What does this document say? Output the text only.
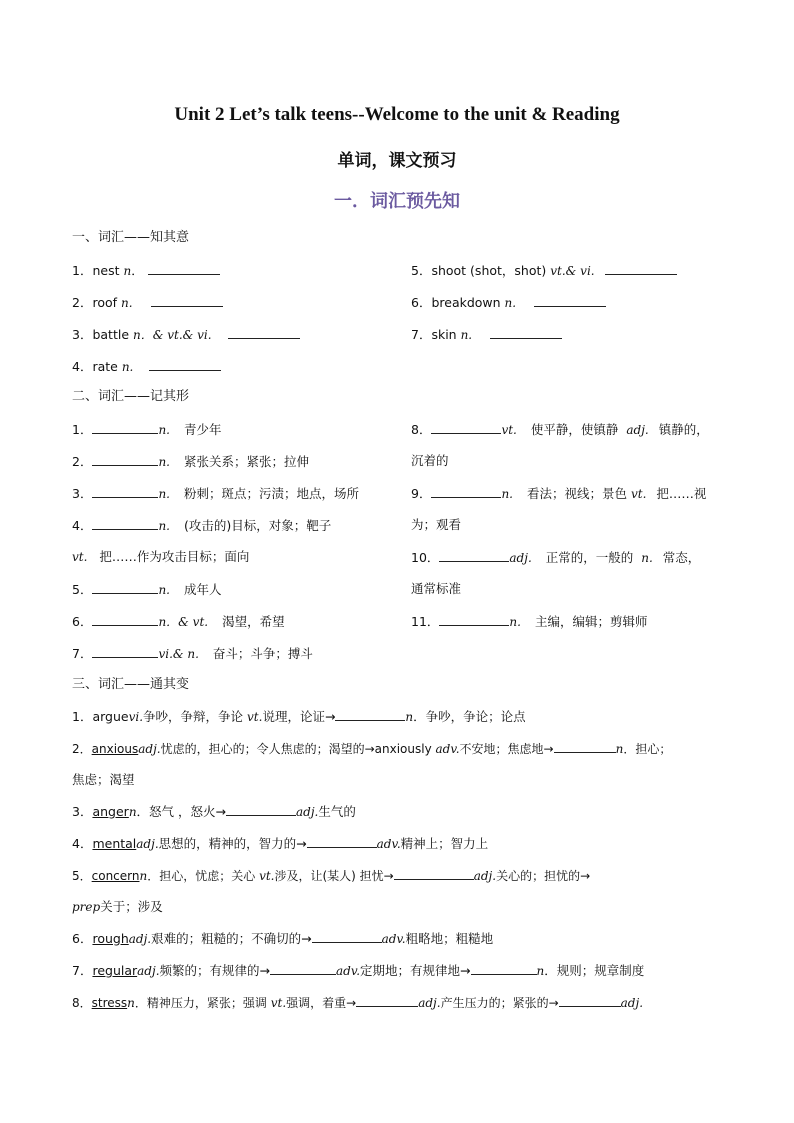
Unit 2 Let’s talk teens--Welcome to the unit & Reading
单词，课文预习
一．词汇预先知
一、词汇——知其意
1．nest n．
2．roof n.
3．battle n．& vt.& vi.
4．rate n.
5．shoot (shot，shot) vt.& vi.
6．breakdown n.
7．skin n.
二、词汇——记其形
1．	n. 青少年
2．	n. 紧张关系；紧张；拉伸
3．	n. 粉刺；斑点；污渍；地点，场所
4．	n. (攻击的)目标，对象；靶子
vt. 把……作为攻击目标；面向
5．	n. 成年人
6．	n．& vt. 渴望，希望
7．	vi.& n. 奋斗；斗争；搏斗
8．	vt. 使平静，使镇静 adj. 镇静的，
沉着的
9．	n. 看法；视线；景色 vt. 把……视
为；观看
10．	adj. 正常的，一般的 n. 常态，
通常标准
11．	n. 主编，编辑；剪辑师
三、词汇——通其变
1．arguevi.争吵，争辩，争论 vt.说理，论证→	n．争吵，争论；论点
2．anxiousadj.忧虑的，担心的；令人焦虑的；渴望的→anxiously adv.不安地；焦虑地→	n．担心；
焦虑；渴望
3．angern．怒气 ，怒火→	adj.生气的
4．mentaladj.思想的，精神的，智力的→	adv.精神上；智力上
5．concernn．担心，忧虑；关心 vt.涉及，让(某人) 担忧→	adj.关心的；担忧的→
prep关于；涉及
6．roughadj.艰难的；粗糙的；不确切的→	adv.粗略地；粗糙地
7．regularadj.频繁的；有规律的→	adv.定期地；有规律地→	n．规则；规章制度
8．stressn．精神压力，紧张；强调 vt.强调，着重→	adj.产生压力的；紧张的→	adj.
